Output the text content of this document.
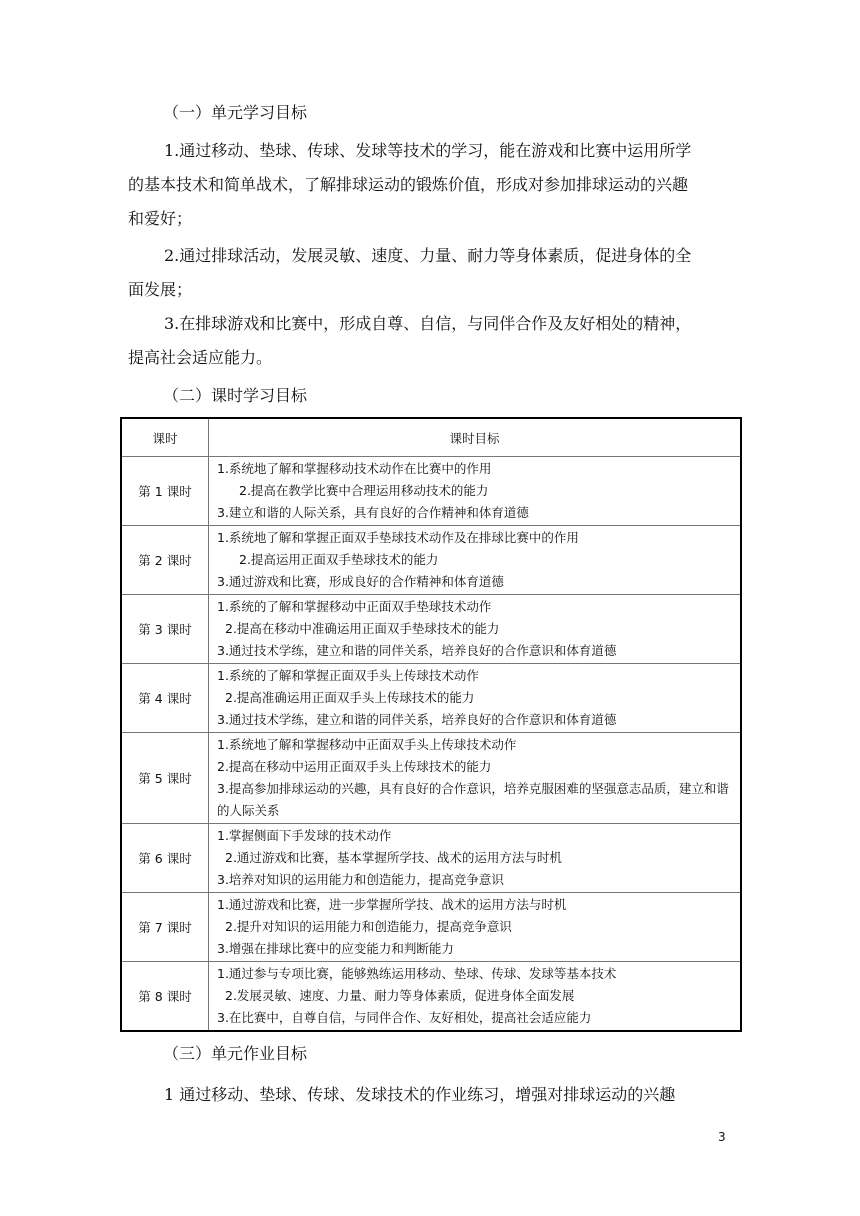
（一）单元学习目标
1.通过移动、垫球、传球、发球等技术的学习，能在游戏和比赛中运用所学
的基本技术和简单战术，了解排球运动的锻炼价值，形成对参加排球运动的兴趣
和爱好；
2.通过排球活动，发展灵敏、速度、力量、耐力等身体素质，促进身体的全
面发展；
3.在排球游戏和比赛中，形成自尊、自信，与同伴合作及友好相处的精神，
提高社会适应能力。
（二）课时学习目标
课时	课时目标
第 1 课时	1.系统地了解和掌握移动技术动作在比赛中的作用
2.提高在教学比赛中合理运用移动技术的能力
3.建立和谐的人际关系，具有良好的合作精神和体育道德

第 2 课时	1.系统地了解和掌握正面双手垫球技术动作及在排球比赛中的作用
2.提高运用正面双手垫球技术的能力
3.通过游戏和比赛，形成良好的合作精神和体育道德

第 3 课时	1.系统的了解和掌握移动中正面双手垫球技术动作
2.提高在移动中准确运用正面双手垫球技术的能力
3.通过技术学练，建立和谐的同伴关系，培养良好的合作意识和体育道德

第 4 课时	1.系统的了解和掌握正面双手头上传球技术动作
2.提高准确运用正面双手头上传球技术的能力
3.通过技术学练，建立和谐的同伴关系，培养良好的合作意识和体育道德

第 5 课时	1.系统地了解和掌握移动中正面双手头上传球技术动作
2.提高在移动中运用正面双手头上传球技术的能力
3.提高参加排球运动的兴趣，具有良好的合作意识，培养克服困难的坚强意志品质，建立和谐的人际关系

第 6 课时	1.掌握侧面下手发球的技术动作
2.通过游戏和比赛，基本掌握所学技、战术的运用方法与时机
3.培养对知识的运用能力和创造能力，提高竞争意识

第 7 课时	1.通过游戏和比赛，进一步掌握所学技、战术的运用方法与时机
2.提升对知识的运用能力和创造能力，提高竞争意识
3.增强在排球比赛中的应变能力和判断能力

第 8 课时	1.通过参与专项比赛，能够熟练运用移动、垫球、传球、发球等基本技术
2.发展灵敏、速度、力量、耐力等身体素质，促进身体全面发展
3.在比赛中，自尊自信，与同伴合作、友好相处，提高社会适应能力
（三）单元作业目标
1 通过移动、垫球、传球、发球技术的作业练习，增强对排球运动的兴趣
3
